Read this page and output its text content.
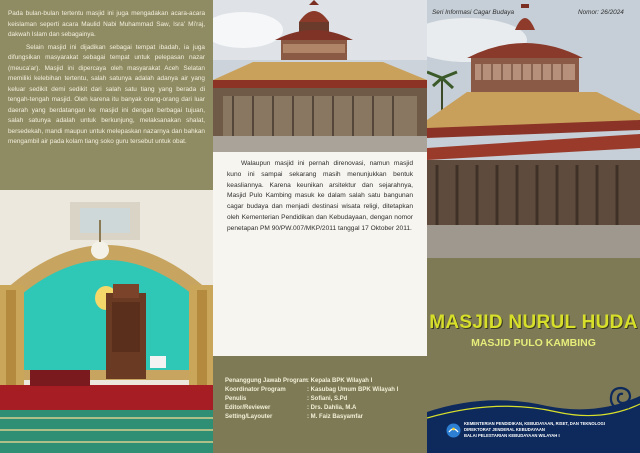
Pada bulan-bulan tertentu masjid ini juga mengadakan acara-acara keislaman seperti acara Maulid Nabi Muhammad Saw, Isra' Mi'raj, dakwah Islam dan sebagainya.

Selain masjid ini dijadikan sebagai tempat ibadah, ia juga difungsikan masyarakat sebagai tempat untuk pelepasan nazar (meuca'ar). Masjid ini dipercaya oleh masyarakat Aceh Selatan memiliki kelebihan tertentu, salah satunya adalah adanya air yang keluar sedikit demi sedikit dari salah satu tiang yang berada di tengah-tengah masjid. Oleh karena itu banyak orang-orang dari luar daerah yang berdatangan ke masjid ini dengan berbagai tujuan, salah satunya adalah untuk berkunjung, melaksanakan shalat, bersedekah, mandi maupun untuk melepaskan nazarnya dan bahkan mengambil air pada kolam tiang soko guru tersebut untuk obat.

Walaupun masjid ini pernah direnovasi, namun masjid kuno ini sampai sekarang masih menunjukkan bentuk keasliannya. Karena keunikan arsitektur dan sejarahnya, Masjid Pulo Kambing masuk ke dalam salah satu bangunan cagar budaya dan menjadi destinasi wisata religi, ditetapkan oleh Kementerian Pendidikan dan Kebudayaan, dengan nomor penetapan PM 90/PW.007/MKP/2011 tanggal 17 Oktober 2011.

Penanggung Jawab Program: Kepala BPK Wilayah I
Koordinator Program	: Kasubag Umum BPK Wilayah I
Penulis	: Sofiani, S.Pd
Editor/Reviewer	: Drs. Dahlia, M.A
Setting/Layouter	: M. Faiz Basyamfar
Seri Informasi Cagar Budaya	Nomor: 26/2024
MASJID NURUL HUDA
MASJID PULO KAMBING
KEMENTERIAN PENDIDIKAN, KEBUDAYAAN, RISET, DAN TEKNOLOGI
DIREKTORAT JENDERAL KEBUDAYAAN
BALAI PELESTARIAN KEBUDAYAAN WILAYAH I
